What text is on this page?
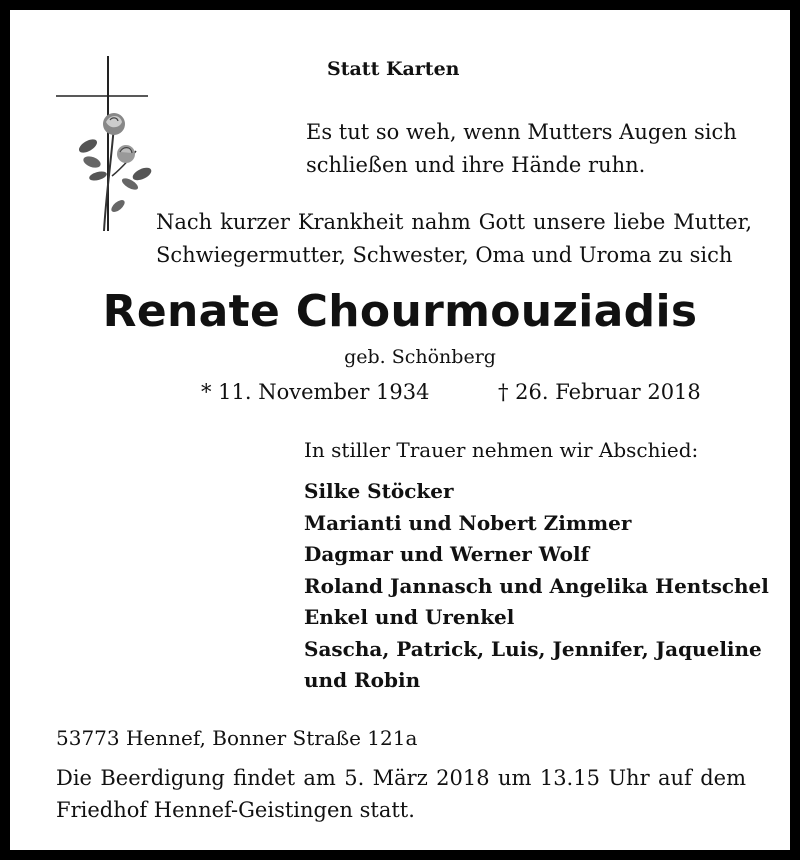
Statt Karten
Es tut so weh, wenn Mutters Augen sich
schließen und ihre Hände ruhn.
Nach kurzer Krankheit nahm Gott unsere liebe Mutter,
Schwiegermutter, Schwester, Oma und Uroma zu sich
Renate Chourmouziadis
geb. Schönberg
* 11. November 1934	† 26. Februar 2018
In stiller Trauer nehmen wir Abschied:
Silke Stöcker
Marianti und Nobert Zimmer
Dagmar und Werner Wolf
Roland Jannasch und Angelika Hentschel
Enkel und Urenkel
Sascha, Patrick, Luis, Jennifer, Jaqueline
und Robin
53773 Hennef, Bonner Straße 121a
Die Beerdigung findet am 5. März 2018 um 13.15 Uhr auf dem
Friedhof Hennef-Geistingen statt.
